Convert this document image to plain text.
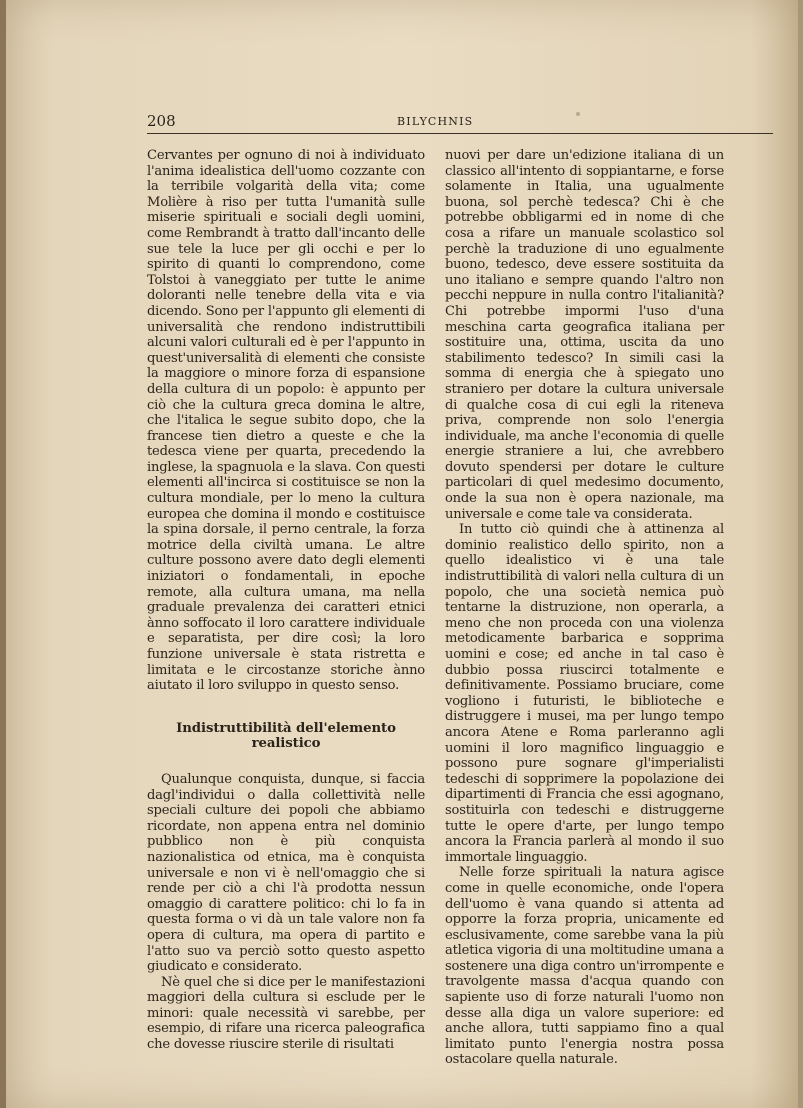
208	BILYCHNIS

Cervantes per ognuno di noi à individuato l'anima idealistica dell'uomo cozzante con la terribile volgarità della vita; come Molière à riso per tutta l'umanità sulle miserie spirituali e sociali degli uomini, come Rembrandt à tratto dall'incanto delle sue tele la luce per gli occhi e per lo spirito di quanti lo comprendono, come Tolstoi à vaneggiato per tutte le anime doloranti nelle tenebre della vita e via dicendo. Sono per l'appunto gli elementi di universalità che rendono indistruttibili alcuni valori culturali ed è per l'appunto in quest'universalità di elementi che consiste la maggiore o minore forza di espansione della cultura di un popolo: è appunto per ciò che la cultura greca domina le altre, che l'italica le segue subito dopo, che la francese tien dietro a queste e che la tedesca viene per quarta, precedendo la inglese, la spagnuola e la slava. Con questi elementi all'incirca si costituisce se non la cultura mondiale, per lo meno la cultura europea che domina il mondo e costituisce la spina dorsale, il perno centrale, la forza motrice della civiltà umana. Le altre culture possono avere dato degli elementi iniziatori o fondamentali, in epoche remote, alla cultura umana, ma nella graduale prevalenza dei caratteri etnici ànno soffocato il loro carattere individuale e separatista, per dire così; la loro funzione universale è stata ristretta e limitata e le circostanze storiche ànno aiutato il loro sviluppo in questo senso.

Indistruttibilità dell'elemento realistico

Qualunque conquista, dunque, si faccia dagl'individui o dalla collettività nelle speciali culture dei popoli che abbiamo ricordate, non appena entra nel dominio pubblico non è più conquista nazionalistica od etnica, ma è conquista universale e non vi è nell'omaggio che si rende per ciò a chi l'à prodotta nessun omaggio di carattere politico: chi lo fa in questa forma o vi dà un tale valore non fa opera di cultura, ma opera di partito e l'atto suo va perciò sotto questo aspetto giudicato e considerato.

Nè quel che si dice per le manifestazioni maggiori della cultura si esclude per le minori: quale necessità vi sarebbe, per esempio, di rifare una ricerca paleografica che dovesse riuscire sterile di risultati

nuovi per dare un'edizione italiana di un classico all'intento di soppiantarne, e forse solamente in Italia, una ugualmente buona, sol perchè tedesca? Chi è che potrebbe obbligarmi ed in nome di che cosa a rifare un manuale scolastico sol perchè la traduzione di uno egualmente buono, tedesco, deve essere sostituita da uno italiano e sempre quando l'altro non pecchi neppure in nulla contro l'italianità? Chi potrebbe impormi l'uso d'una meschina carta geografica italiana per sostituire una, ottima, uscita da uno stabilimento tedesco? In simili casi la somma di energia che à spiegato uno straniero per dotare la cultura universale di qualche cosa di cui egli la riteneva priva, comprende non solo l'energia individuale, ma anche l'economia di quelle energie straniere a lui, che avrebbero dovuto spendersi per dotare le culture particolari di quel medesimo documento, onde la sua non è opera nazionale, ma universale e come tale va considerata.

In tutto ciò quindi che à attinenza al dominio realistico dello spirito, non a quello idealistico vi è una tale indistruttibilità di valori nella cultura di un popolo, che una società nemica può tentarne la distruzione, non operarla, a meno che non proceda con una violenza metodicamente barbarica e sopprima uomini e cose; ed anche in tal caso è dubbio possa riuscirci totalmente e definitivamente. Possiamo bruciare, come vogliono i futuristi, le biblioteche e distruggere i musei, ma per lungo tempo ancora Atene e Roma parleranno agli uomini il loro magnifico linguaggio e possono pure sognare gl'imperialisti tedeschi di sopprimere la popolazione dei dipartimenti di Francia che essi agognano, sostituirla con tedeschi e distruggerne tutte le opere d'arte, per lungo tempo ancora la Francia parlerà al mondo il suo immortale linguaggio.

Nelle forze spirituali la natura agisce come in quelle economiche, onde l'opera dell'uomo è vana quando si attenta ad opporre la forza propria, unicamente ed esclusivamente, come sarebbe vana la più atletica vigoria di una moltitudine umana a sostenere una diga contro un'irrompente e travolgente massa d'acqua quando con sapiente uso di forze naturali l'uomo non desse alla diga un valore superiore: ed anche allora, tutti sappiamo fino a qual limitato punto l'energia nostra possa ostacolare quella naturale.
